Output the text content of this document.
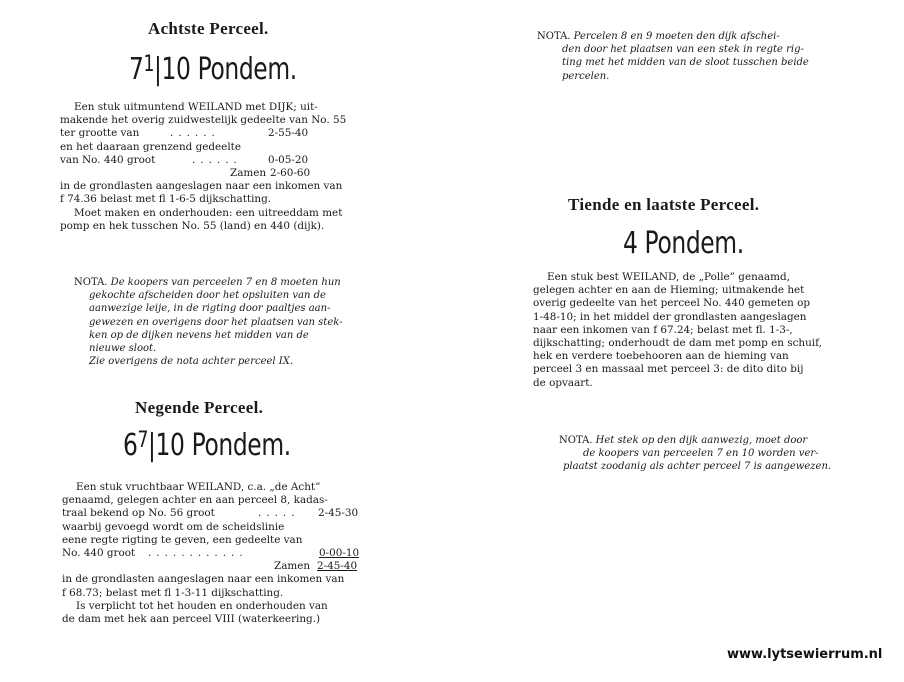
Achtste Perceel.
$7^1|10$ Pondem.
Een stuk uitmuntend WEILAND met DIJK; uit-
makende het overig zuidwestelijk gedeelte van No. 55
ter grootte van	......	2-55-40
en het daaraan grenzend gedeelte
van No. 440 groot	......	0-05-20
Zamen 2-60-60
in de grondlasten aangeslagen naar een inkomen van
f 74.36 belast met fl 1-6-5 dijkschatting.
Moet maken en onderhouden: een uitreeddam met
pomp en hek tusschen No. 55 (land) en 440 (dijk).
NOTA. De koopers van perceelen 7 en 8 moeten hun
gekochte afscheiden door het opsluiten van de
aanwezige leije, in de rigting door paaltjes aan-
gewezen en overigens door het plaatsen van stek-
ken op de dijken nevens het midden van de
nieuwe sloot.
Zie overigens de nota achter perceel IX.
Negende Perceel.
$6^7|10$ Pondem.
Een stuk vruchtbaar WEILAND, c.a. „de Acht”
genaamd, gelegen achter en aan perceel 8, kadas-
traal bekend op No. 56 groot	..... 2-45-30
waarbij gevoegd wordt om de scheidslinie
eene regte rigting te geven, een gedeelte van
No. 440 groot ............	0-00-10
Zamen 2-45-40
in de grondlasten aangeslagen naar een inkomen van
f 68.73; belast met fl 1-3-11 dijkschatting.
Is verplicht tot het houden en onderhouden van
de dam met hek aan perceel VIII (waterkeering.)
NOTA. Percelen 8 en 9 moeten den dijk afschei-
den door het plaatsen van een stek in regte rig-
ting met het midden van de sloot tusschen beide
percelen.
Tiende en laatste Perceel.
4 Pondem.
Een stuk best WEILAND, de „Polle” genaamd,
gelegen achter en aan de Hieming; uitmakende het
overig gedeelte van het perceel No. 440 gemeten op
1-48-10; in het middel der grondlasten aangeslagen
naar een inkomen van f 67.24; belast met fl. 1-3-,
dijkschatting; onderhoudt de dam met pomp en schuif,
hek en verdere toebehooren aan de hieming van
perceel 3 en massaal met perceel 3: de dito dito bij
de opvaart.
NOTA. Het stek op den dijk aanwezig, moet door
de koopers van perceelen 7 en 10 worden ver-
plaatst zoodanig als achter perceel 7 is aangewezen.
www.lytsewierrum.nl
